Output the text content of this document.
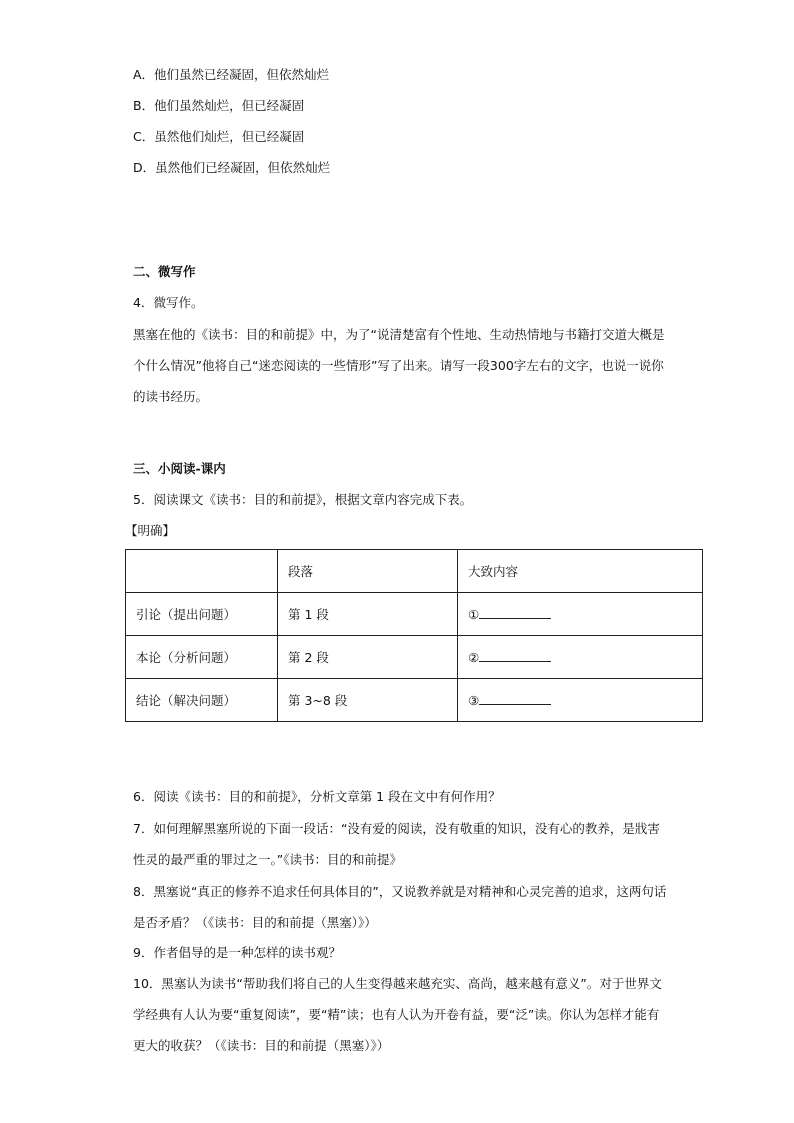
A．他们虽然已经凝固，但依然灿烂
B．他们虽然灿烂，但已经凝固
C．虽然他们灿烂，但已经凝固
D．虽然他们已经凝固，但依然灿烂
二、微写作
4．微写作。
黑塞在他的《读书：目的和前提》中，为了“说清楚富有个性地、生动热情地与书籍打交道大概是个什么情况”他将自己“迷恋阅读的一些情形”写了出来。请写一段300字左右的文字，也说一说你的读书经历。
三、小阅读-课内
5．阅读课文《读书：目的和前提》，根据文章内容完成下表。
【明确】
	段落	大致内容
引论（提出问题）	第 1 段	①
本论（分析问题）	第 2 段	②
结论（解决问题）	第 3~8 段	③
6．阅读《读书：目的和前提》，分析文章第 1 段在文中有何作用？
7．如何理解黑塞所说的下面一段话：“没有爱的阅读，没有敬重的知识，没有心的教养，是戕害性灵的最严重的罪过之一。”《读书：目的和前提》
8．黑塞说“真正的修养不追求任何具体目的”，又说教养就是对精神和心灵完善的追求，这两句话是否矛盾？（《读书：目的和前提（黑塞）》）
9．作者倡导的是一种怎样的读书观？
10．黑塞认为读书“帮助我们将自己的人生变得越来越充实、高尚，越来越有意义”。对于世界文学经典有人认为要“重复阅读”，要“精”读；也有人认为开卷有益，要“泛”读。你认为怎样才能有更大的收获？（《读书：目的和前提（黑塞）》）
